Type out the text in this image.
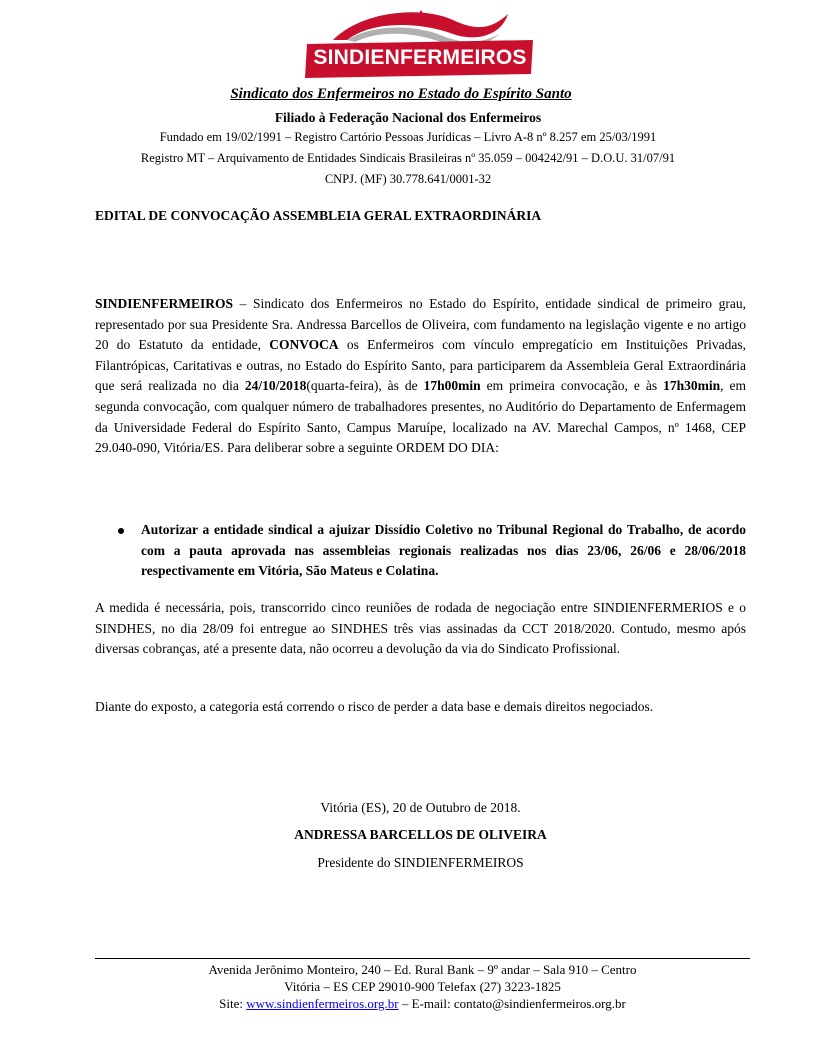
SINDIENFERMEIROS
Sindicato dos Enfermeiros no Estado do Espírito Santo
Filiado à Federação Nacional dos Enfermeiros
Fundado em 19/02/1991 – Registro Cartório Pessoas Jurídicas – Livro A-8 nº 8.257 em 25/03/1991
Registro MT – Arquivamento de Entidades Sindicais Brasileiras nº 35.059 – 004242/91 – D.O.U. 31/07/91
CNPJ. (MF) 30.778.641/0001-32
EDITAL DE CONVOCAÇÃO ASSEMBLEIA GERAL EXTRAORDINÁRIA
SINDIENFERMEIROS – Sindicato dos Enfermeiros no Estado do Espírito, entidade sindical de primeiro grau, representado por sua Presidente Sra. Andressa Barcellos de Oliveira, com fundamento na legislação vigente e no artigo 20 do Estatuto da entidade, CONVOCA os Enfermeiros com vínculo empregatício em Instituições Privadas, Filantrópicas, Caritativas e outras, no Estado do Espírito Santo, para participarem da Assembleia Geral Extraordinária que será realizada no dia 24/10/2018(quarta-feira), às de 17h00min em primeira convocação, e às 17h30min, em segunda convocação, com qualquer número de trabalhadores presentes, no Auditório do Departamento de Enfermagem da Universidade Federal do Espírito Santo, Campus Maruípe, localizado na AV. Marechal Campos, nº 1468, CEP 29.040-090, Vitória/ES. Para deliberar sobre a seguinte ORDEM DO DIA:
Autorizar a entidade sindical a ajuizar Dissídio Coletivo no Tribunal Regional do Trabalho, de acordo com a pauta aprovada nas assembleias regionais realizadas nos dias 23/06, 26/06 e 28/06/2018 respectivamente em Vitória, São Mateus e Colatina.
A medida é necessária, pois, transcorrido cinco reuniões de rodada de negociação entre SINDIENFERMERIOS e o SINDHES, no dia 28/09 foi entregue ao SINDHES três vias assinadas da CCT 2018/2020. Contudo, mesmo após diversas cobranças, até a presente data, não ocorreu a devolução da via do Sindicato Profissional.
Diante do exposto, a categoria está correndo o risco de perder a data base e demais direitos negociados.
Vitória (ES), 20 de Outubro de 2018.
ANDRESSA BARCELLOS DE OLIVEIRA
Presidente do SINDIENFERMEIROS
Avenida Jerônimo Monteiro, 240 – Ed. Rural Bank – 9º andar – Sala 910 – Centro
Vitória – ES CEP 29010-900 Telefax (27) 3223-1825
Site: www.sindienfermeiros.org.br – E-mail: contato@sindienfermeiros.org.br
